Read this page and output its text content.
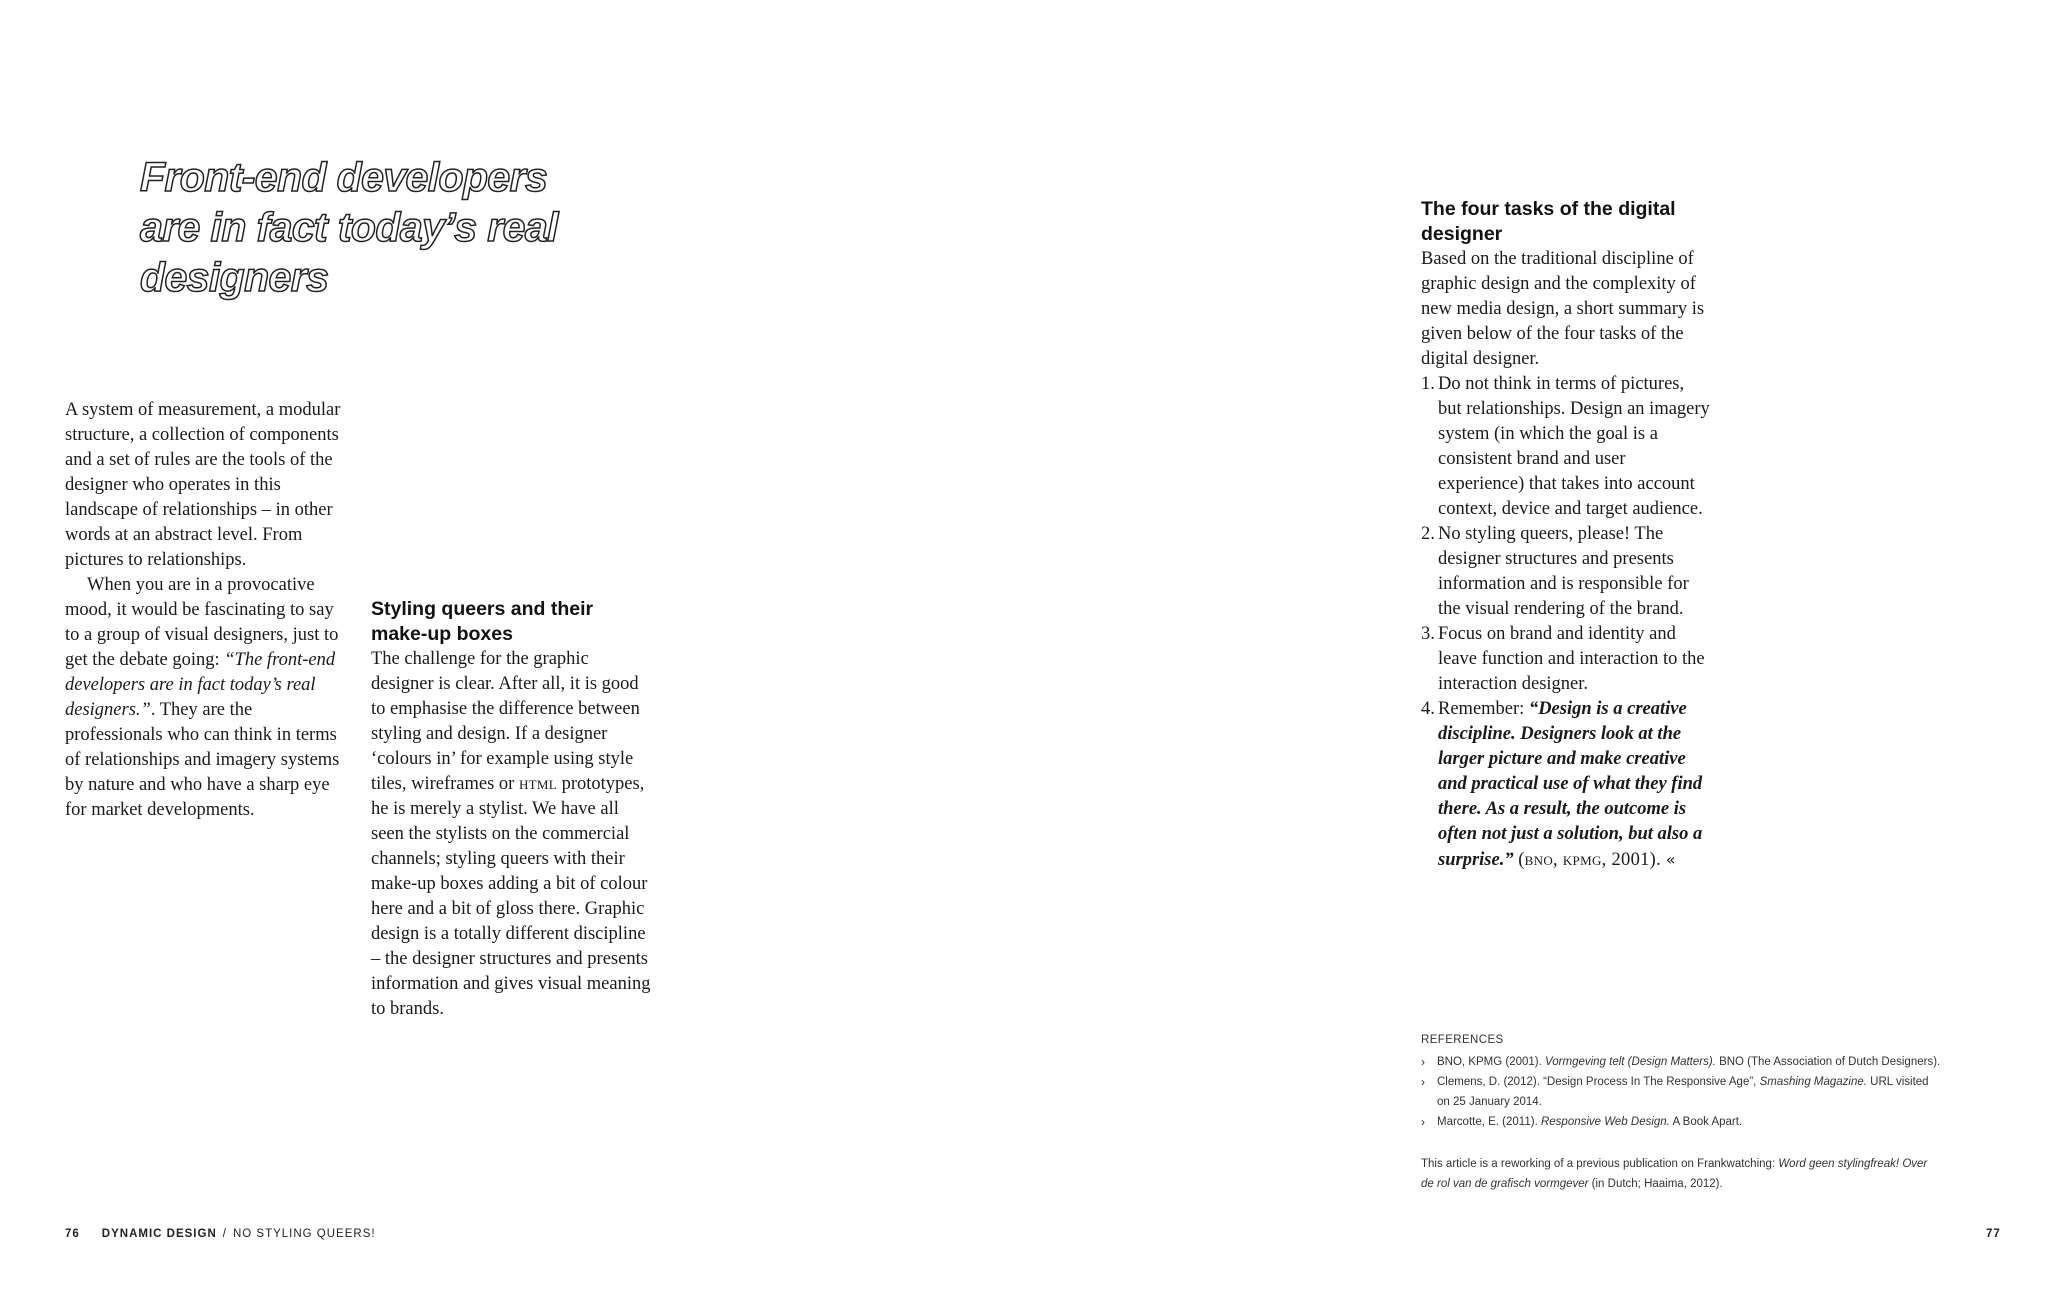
Front-end developers
are in fact today’s real
designers

A system of measurement, a modular structure, a collection of components and a set of rules are the tools of the designer who operates in this landscape of relationships – in other words at an abstract level. From pictures to relationships.

When you are in a provocative mood, it would be fascinating to say to a group of visual designers, just to get the debate going: “The front-end developers are in fact today’s real designers.”. They are the professionals who can think in terms of relationships and imagery systems by nature and who have a sharp eye for market developments.

Styling queers and their make-up boxes

The challenge for the graphic designer is clear. After all, it is good to emphasise the difference between styling and design. If a designer ‘colours in’ for example using style tiles, wireframes or html prototypes, he is merely a stylist. We have all seen the stylists on the commercial channels; styling queers with their make-up boxes adding a bit of colour here and a bit of gloss there. Graphic design is a totally different discipline – the designer structures and presents information and gives visual meaning to brands.

The four tasks of the digital designer

Based on the traditional discipline of graphic design and the complexity of new media design, a short summary is given below of the four tasks of the digital designer.

1. Do not think in terms of pictures, but relationships. Design an imagery system (in which the goal is a consistent brand and user experience) that takes into account context, device and target audience.
2. No styling queers, please! The designer structures and presents information and is responsible for the visual rendering of the brand.
3. Focus on brand and identity and leave function and interaction to the interaction designer.
4. Remember: “Design is a creative discipline. Designers look at the larger picture and make creative and practical use of what they find there. As a result, the outcome is often not just a solution, but also a surprise.” (bno, kpmg, 2001). «
REFERENCES
› BNO, KPMG (2001). Vormgeving telt (Design Matters). BNO (The Association of Dutch Designers).
› Clemens, D. (2012). “Design Process In The Responsive Age”, Smashing Magazine. URL visited on 25 January 2014.
› Marcotte, E. (2011). Responsive Web Design. A Book Apart.

This article is a reworking of a previous publication on Frankwatching: Word geen stylingfreak! Over de rol van de grafisch vormgever (in Dutch; Haaima, 2012).

76 DYNAMIC DESIGN / NO STYLING QUEERS!	77
